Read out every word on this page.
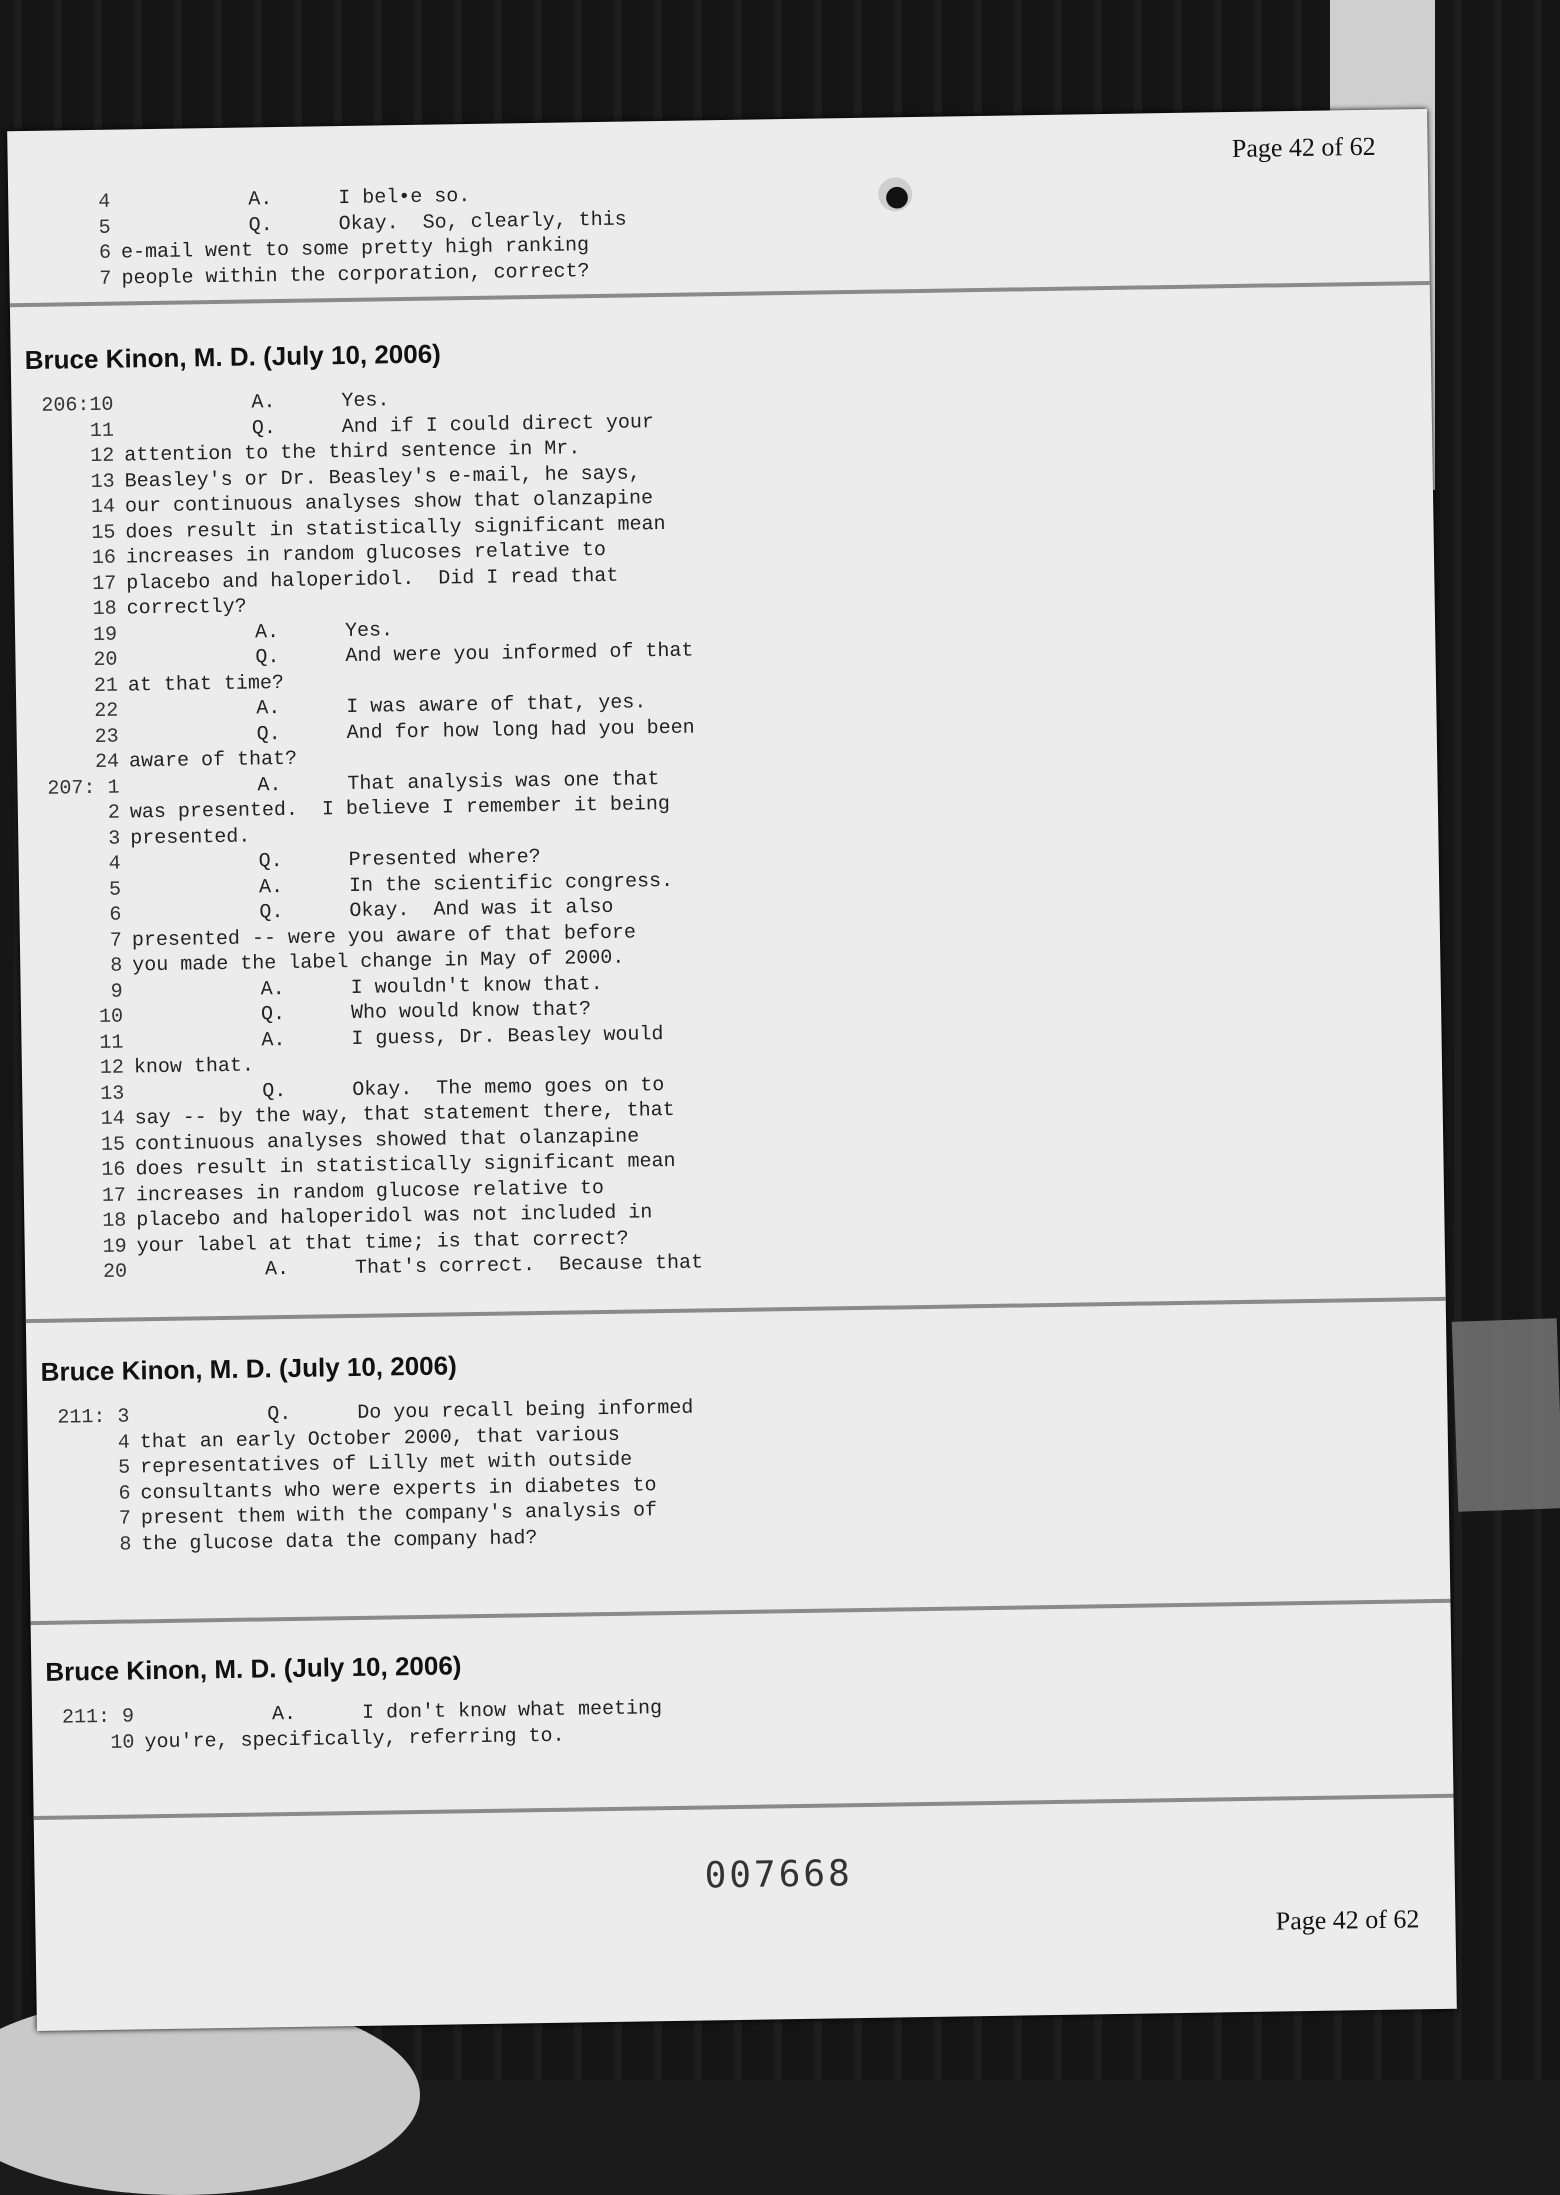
Page 42 of 62
4	A.	I bel•e so.
5	Q.	Okay.  So, clearly, this
6 e-mail went to some pretty high ranking
7 people within the corporation, correct?
Bruce Kinon, M. D. (July 10, 2006)
206:10	A.	Yes.
11	Q.	And if I could direct your
12 attention to the third sentence in Mr.
13 Beasley's or Dr. Beasley's e-mail, he says,
14 our continuous analyses show that olanzapine
15 does result in statistically significant mean
16 increases in random glucoses relative to
17 placebo and haloperidol.  Did I read that
18 correctly?
19	A.	Yes.
20	Q.	And were you informed of that
21 at that time?
22	A.	I was aware of that, yes.
23	Q.	And for how long had you been
24 aware of that?
207: 1	A.	That analysis was one that
2 was presented.  I believe I remember it being
3 presented.
4	Q.	Presented where?
5	A.	In the scientific congress.
6	Q.	Okay.  And was it also
7 presented -- were you aware of that before
8 you made the label change in May of 2000.
9	A.	I wouldn't know that.
10	Q.	Who would know that?
11	A.	I guess, Dr. Beasley would
12 know that.
13	Q.	Okay.  The memo goes on to
14 say -- by the way, that statement there, that
15 continuous analyses showed that olanzapine
16 does result in statistically significant mean
17 increases in random glucose relative to
18 placebo and haloperidol was not included in
19 your label at that time; is that correct?
20	A.	That's correct.  Because that
Bruce Kinon, M. D. (July 10, 2006)
211: 3	Q.	Do you recall being informed
4 that an early October 2000, that various
5 representatives of Lilly met with outside
6 consultants who were experts in diabetes to
7 present them with the company's analysis of
8 the glucose data the company had?
Bruce Kinon, M. D. (July 10, 2006)
211: 9	A.	I don't know what meeting
10 you're, specifically, referring to.
007668
Page 42 of 62
